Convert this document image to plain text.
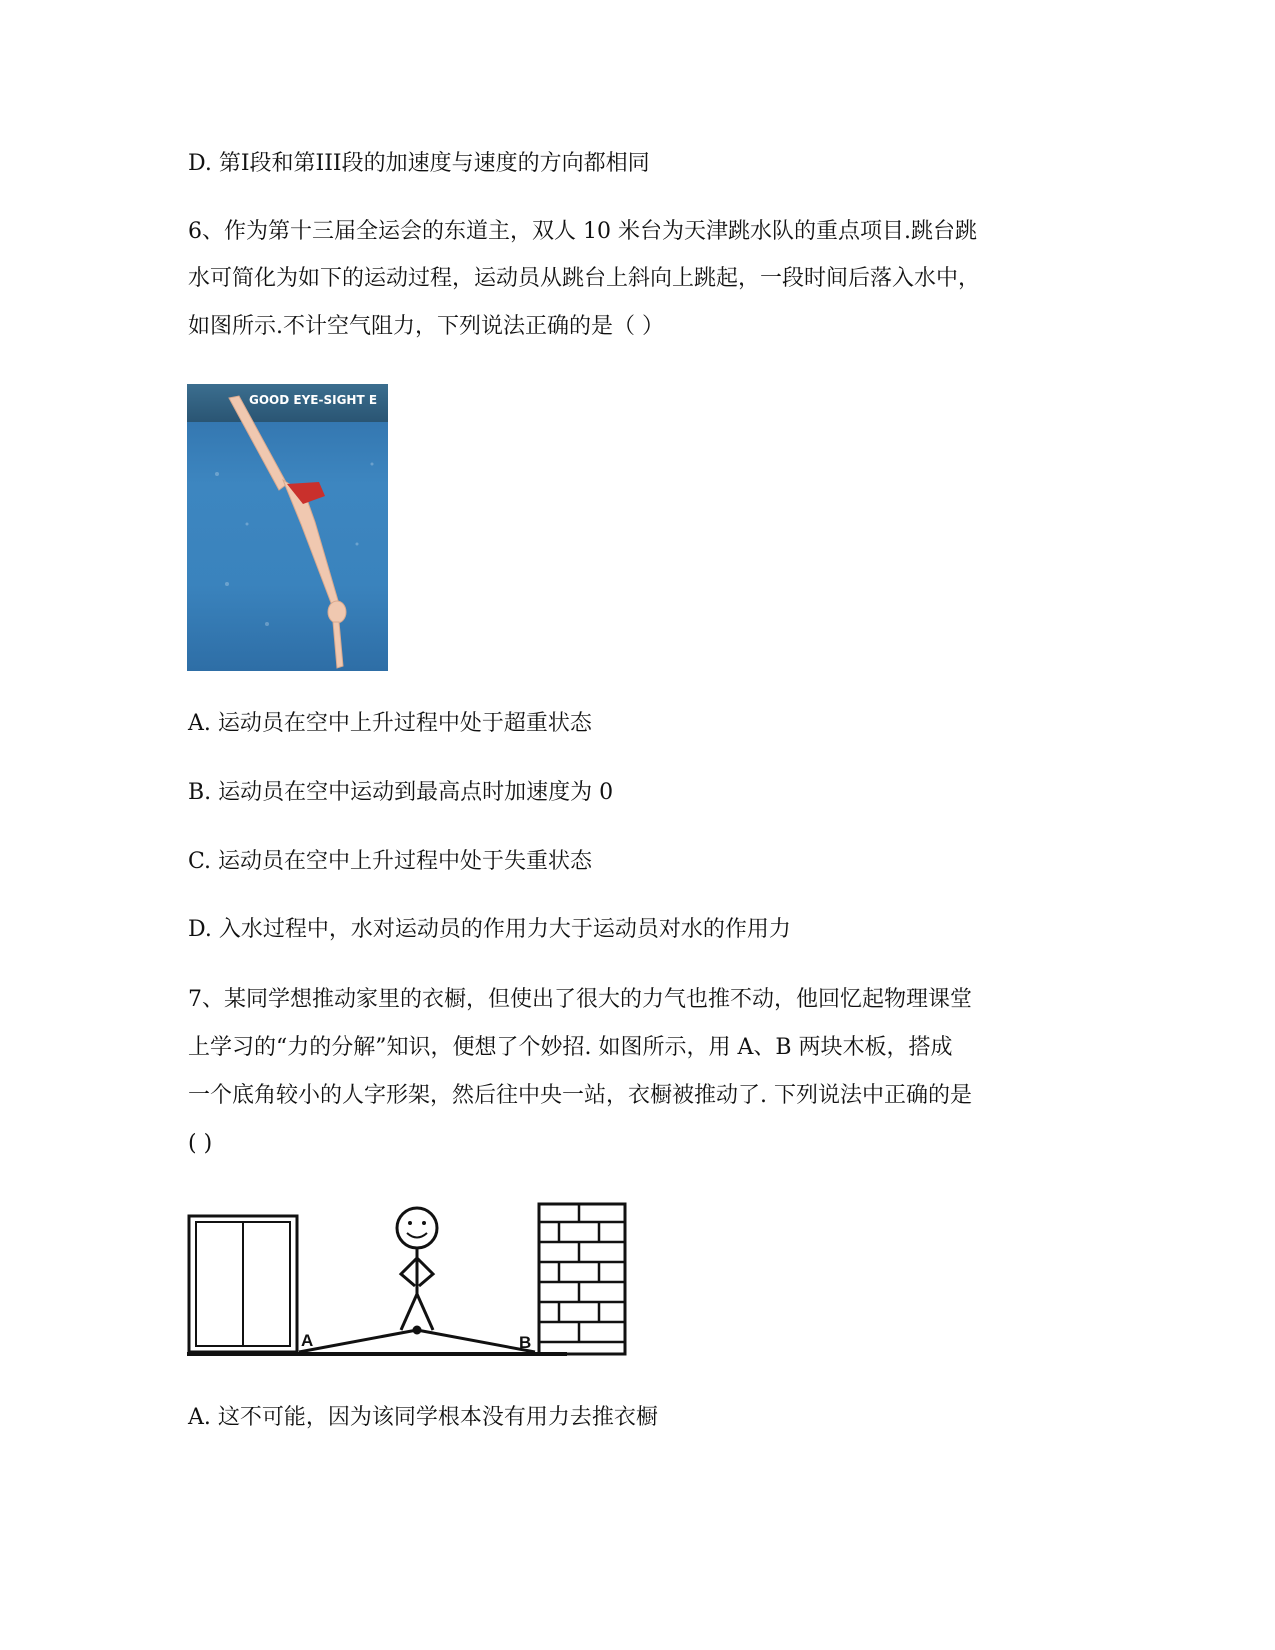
D. 第Ⅰ段和第III段的加速度与速度的方向都相同
6、作为第十三届全运会的东道主，双人 10 米台为天津跳水队的重点项目.跳台跳
水可简化为如下的运动过程，运动员从跳台上斜向上跳起，一段时间后落入水中，
如图所示.不计空气阻力，下列说法正确的是（ ）
GOOD EYE-SIGHT E
A. 运动员在空中上升过程中处于超重状态
B. 运动员在空中运动到最高点时加速度为 0
C. 运动员在空中上升过程中处于失重状态
D. 入水过程中，水对运动员的作用力大于运动员对水的作用力
7、某同学想推动家里的衣橱，但使出了很大的力气也推不动，他回忆起物理课堂
上学习的“力的分解”知识，便想了个妙招. 如图所示，用 A、B 两块木板，搭成
一个底角较小的人字形架，然后往中央一站，衣橱被推动了. 下列说法中正确的是
( )
A	B
A. 这不可能，因为该同学根本没有用力去推衣橱
